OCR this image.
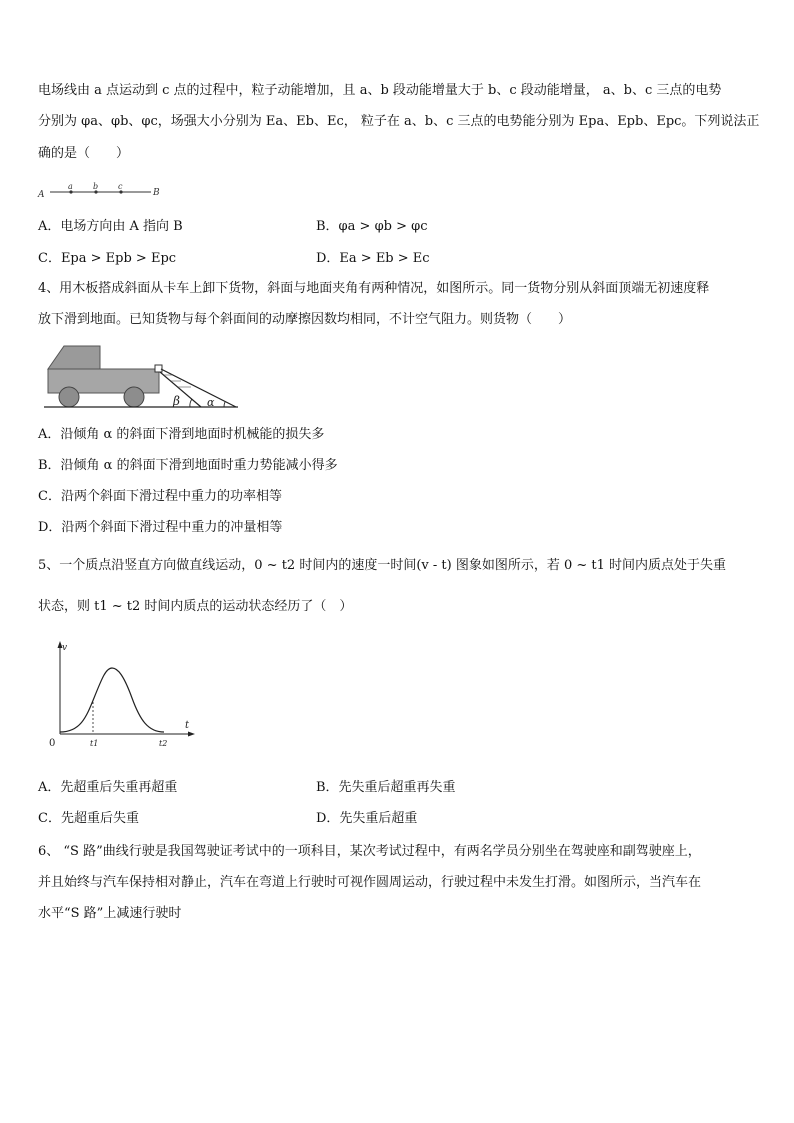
电场线由 a 点运动到 c 点的过程中，粒子动能增加，且 a、b 段动能增量大于 b、c 段动能增量， a、b、c 三点的电势
分别为 φa、φb、φc，场强大小分别为 Ea、Eb、Ec， 粒子在 a、b、c 三点的电势能分别为 Epa、Epb、Epc。下列说法正
确的是（　　）
A
a	b c
B
A．电场方向由 A 指向 B	B．φa > φb > φc
C．Epa > Epb > Epc	D．Ea > Eb > Ec
4、用木板搭成斜面从卡车上卸下货物，斜面与地面夹角有两种情况，如图所示。同一货物分别从斜面顶端无初速度释
放下滑到地面。已知货物与每个斜面间的动摩擦因数均相同，不计空气阻力。则货物（　　）
β α
A．沿倾角 α 的斜面下滑到地面时机械能的损失多
B．沿倾角 α 的斜面下滑到地面时重力势能减小得多
C．沿两个斜面下滑过程中重力的功率相等
D．沿两个斜面下滑过程中重力的冲量相等
5、一个质点沿竖直方向做直线运动，0 ~ t2 时间内的速度一时间(v - t) 图象如图所示，若 0 ~ t1 时间内质点处于失重
状态，则 t1 ~ t2 时间内质点的运动状态经历了（　）
v
t
0	t1	t2
A．先超重后失重再超重	B．先失重后超重再失重
C．先超重后失重	D．先失重后超重
6、 “S 路”曲线行驶是我国驾驶证考试中的一项科目，某次考试过程中，有两名学员分别坐在驾驶座和副驾驶座上，
并且始终与汽车保持相对静止，汽车在弯道上行驶时可视作圆周运动，行驶过程中未发生打滑。如图所示，当汽车在
水平“S 路”上减速行驶时
